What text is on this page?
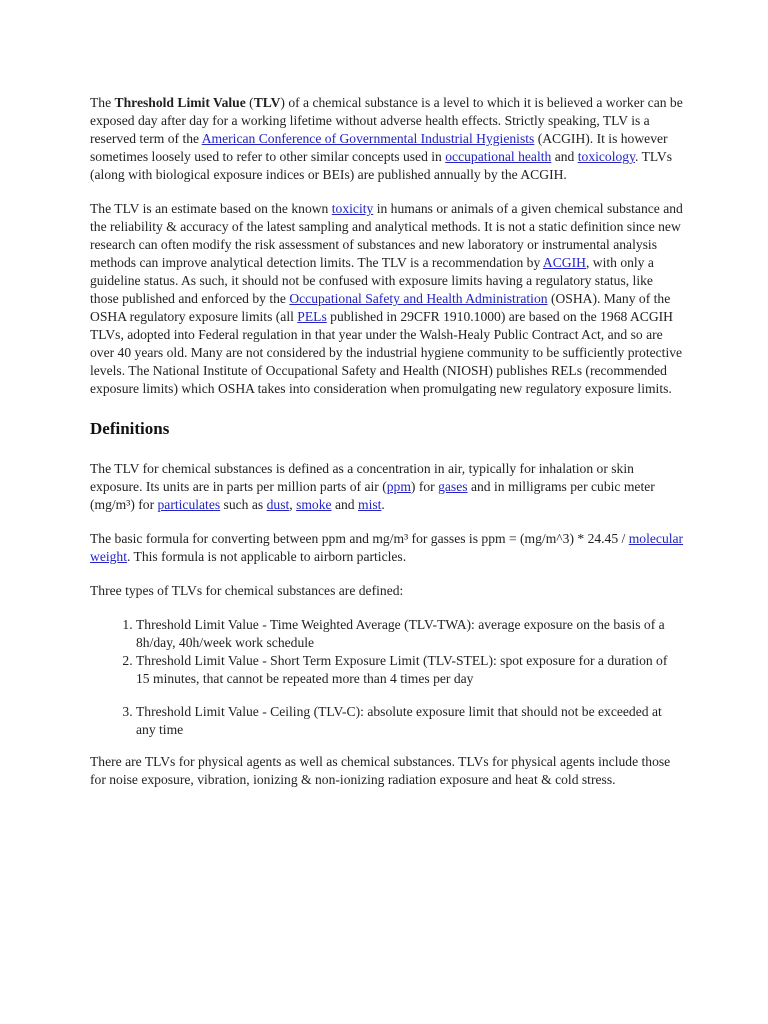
The Threshold Limit Value (TLV) of a chemical substance is a level to which it is believed a worker can be exposed day after day for a working lifetime without adverse health effects. Strictly speaking, TLV is a reserved term of the American Conference of Governmental Industrial Hygienists (ACGIH). It is however sometimes loosely used to refer to other similar concepts used in occupational health and toxicology. TLVs (along with biological exposure indices or BEIs) are published annually by the ACGIH.

The TLV is an estimate based on the known toxicity in humans or animals of a given chemical substance and the reliability & accuracy of the latest sampling and analytical methods. It is not a static definition since new research can often modify the risk assessment of substances and new laboratory or instrumental analysis methods can improve analytical detection limits. The TLV is a recommendation by ACGIH, with only a guideline status. As such, it should not be confused with exposure limits having a regulatory status, like those published and enforced by the Occupational Safety and Health Administration (OSHA). Many of the OSHA regulatory exposure limits (all PELs published in 29CFR 1910.1000) are based on the 1968 ACGIH TLVs, adopted into Federal regulation in that year under the Walsh-Healy Public Contract Act, and so are over 40 years old. Many are not considered by the industrial hygiene community to be sufficiently protective levels. The National Institute of Occupational Safety and Health (NIOSH) publishes RELs (recommended exposure limits) which OSHA takes into consideration when promulgating new regulatory exposure limits.

Definitions

The TLV for chemical substances is defined as a concentration in air, typically for inhalation or skin exposure. Its units are in parts per million parts of air (ppm) for gases and in milligrams per cubic meter (mg/m³) for particulates such as dust, smoke and mist.

The basic formula for converting between ppm and mg/m³ for gasses is ppm = (mg/m^3) * 24.45 / molecular weight. This formula is not applicable to airborn particles.

Three types of TLVs for chemical substances are defined:

1. Threshold Limit Value - Time Weighted Average (TLV-TWA): average exposure on the basis of a 8h/day, 40h/week work schedule
2. Threshold Limit Value - Short Term Exposure Limit (TLV-STEL): spot exposure for a duration of 15 minutes, that cannot be repeated more than 4 times per day
3. Threshold Limit Value - Ceiling (TLV-C): absolute exposure limit that should not be exceeded at any time

There are TLVs for physical agents as well as chemical substances. TLVs for physical agents include those for noise exposure, vibration, ionizing & non-ionizing radiation exposure and heat & cold stress.
